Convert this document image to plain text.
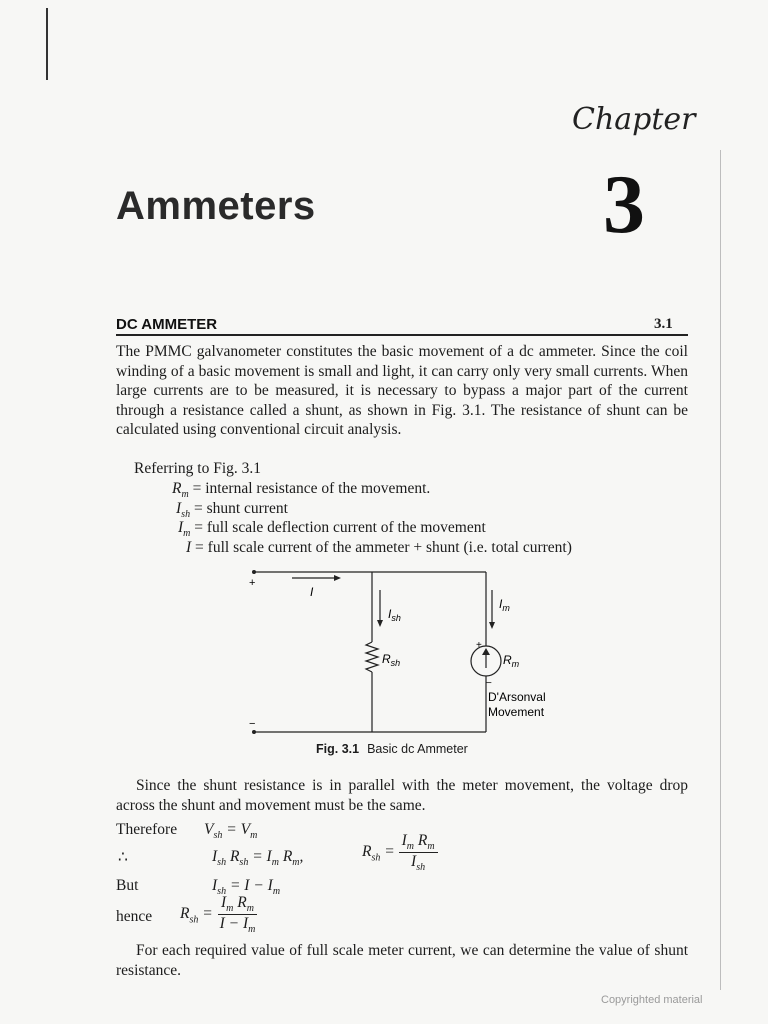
Chapter
3
Ammeters
DC AMMETER	3.1
The PMMC galvanometer constitutes the basic movement of a dc ammeter. Since the coil winding of a basic movement is small and light, it can carry only very small currents. When large currents are to be measured, it is necessary to bypass a major part of the current through a resistance called a shunt, as shown in Fig. 3.1. The resistance of shunt can be calculated using conventional circuit analysis.
Referring to Fig. 3.1
$R_m$ = internal resistance of the movement.
$I_{sh}$ = shunt current
$I_m$ = full scale deflection current of the movement
I = full scale current of the ammeter + shunt (i.e. total current)
+
−
I
$I_{sh}$
$R_{sh}$
$I_m$
$R_m$
+
−
D'Arsonval
Movement
Fig. 3.1 Basic dc Ammeter
Since the shunt resistance is in parallel with the meter movement, the voltage drop across the shunt and movement must be the same.
Therefore $V_{sh} = V_m$
∴	$I_{sh}$ $R_{sh} = I_m$ $R_m$,	$R_{sh} = \frac{I_m R_m}{I_{sh}}$
But	$I_{sh} = I - I_m$
hence $R_{sh} = \frac{I_m R_m}{I - I_m}$
For each required value of full scale meter current, we can determine the value of shunt resistance.
Copyrighted material
